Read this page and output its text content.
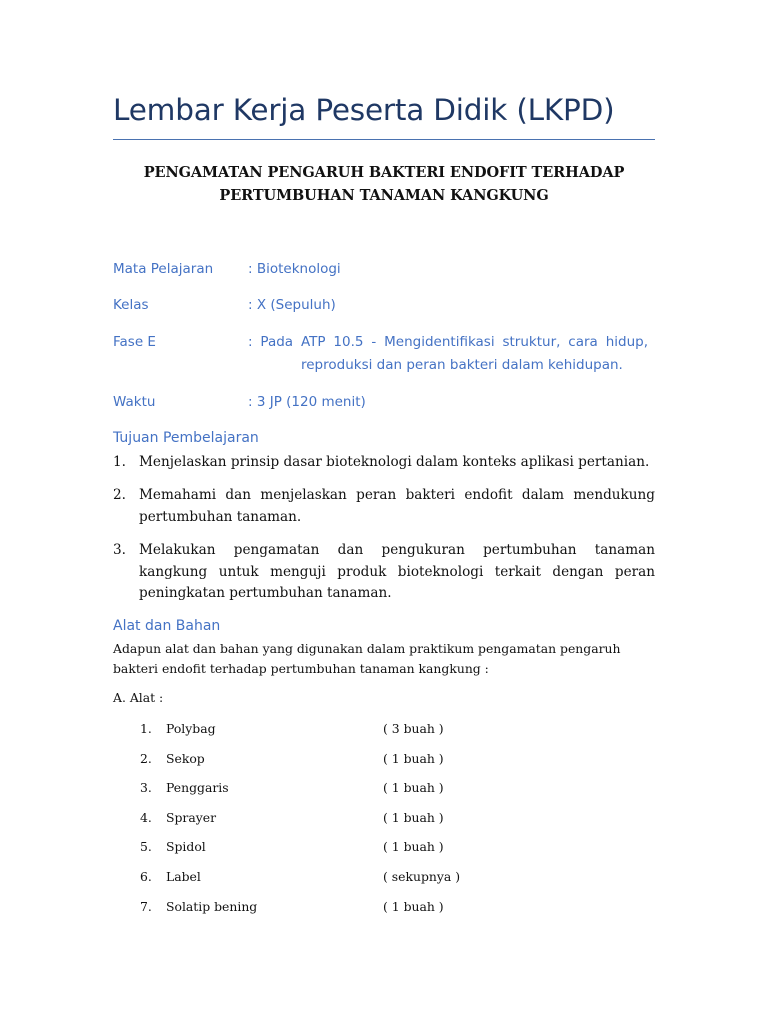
Lembar Kerja Peserta Didik (LKPD)
PENGAMATAN PENGARUH BAKTERI ENDOFIT TERHADAP
PERTUMBUHAN TANAMAN KANGKUNG
Mata Pelajaran	: Bioteknologi
Kelas	: X (Sepuluh)
Fase E	: Pada ATP 10.5 - Mengidentifikasi struktur, cara hidup,
reproduksi dan peran bakteri dalam kehidupan.
Waktu	: 3 JP (120 menit)
Tujuan Pembelajaran
1. Menjelaskan prinsip dasar bioteknologi dalam konteks aplikasi pertanian.
2. Memahami dan menjelaskan peran bakteri endofit dalam mendukung pertumbuhan tanaman.
3. Melakukan pengamatan dan pengukuran pertumbuhan tanaman kangkung untuk menguji produk bioteknologi terkait dengan peran peningkatan pertumbuhan tanaman.
Alat dan Bahan
Adapun alat dan bahan yang digunakan dalam praktikum pengamatan pengaruh bakteri endofit terhadap pertumbuhan tanaman kangkung :
A. Alat :
1.	Polybag	( 3 buah )
2.	Sekop	( 1 buah )
3.	Penggaris	( 1 buah )
4.	Sprayer	( 1 buah )
5.	Spidol	( 1 buah )
6.	Label	( sekupnya )
7.	Solatip bening	( 1 buah )
